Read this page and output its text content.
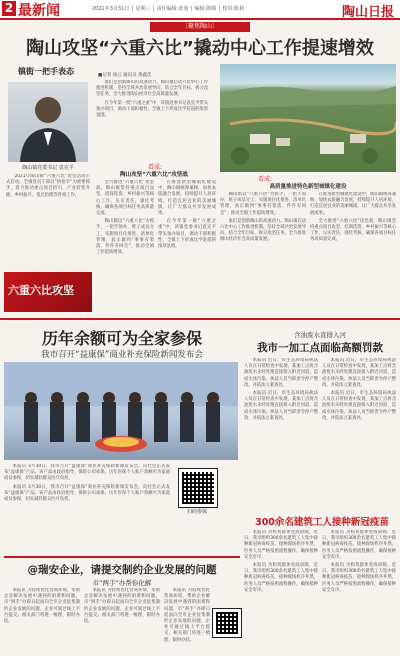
2 最新闻	2021年3月31日 │ 星期三 │ 责任编辑:张旭 │ 编辑:陈腾 │ 校对:陈利	陶山日报
〔聚焦陶山〕
陶山攻坚“六重六比”撬动中心工作提速增效
镇街一把手表态
陶山镇党委书记 袁克平

2021年陶山镇“六重六比”攻坚活动正式启动。全镇党员干部以“拼抢争”为重要抓手，着力推动重点项目招引、产业转型升级、乡村振兴、基层治理等各项工作。

六重六比攻坚
■记者 徐云 通讯员 黄鑫佳

谁们是创新陶山的高速动力。陶山镇启动六比中心工作推进机制，坚持全域共治发展导向，结合全年目标，拆分攻坚任务，全力推进陶山经济社会高质量发展。

在今年第一批“六重之重”中，该镇党委书记袁克平带头领办项目，调动干部积极性，全镇上下形成比学赶超的浓厚氛围。

看成:
陶山攻坚“六重六比”攻坚战

全力推进“六重六比”攻坚战，陶山镇坚持重点项目攻坚、招商选资、乡村振兴等核心工作，压实责任，强化考核，确保各项目标任务高质量完成。

陶山镇以“六重六比”为抓手，一把手领办，班子成员分工，实施项目化推进、清单化管理，真正做到“事事有着落、件件有回音”，推动全镇工作提质增效。

在推进新型城镇化建设中，陶山镇统筹兼顾，加快农旅融合发展，持续提升人居环境，打造宜居宜业的美丽城镇，让广大群众共享发展成果。

在今年第一批“六重之重”中，该镇党委书记袁克平带头领办项目，调动干部积极性，全镇上下形成比学赶超的浓厚氛围。

看成:
高质量推进特色新型城镇化建设

陶山镇以“六重六比”为抓手，一把手领办，班子成员分工，实施项目化推进、清单化管理，真正做到“事事有着落、件件有回音”，推动全镇工作提质增效。

谁们是创新陶山的高速动力。陶山镇启动六比中心工作推进机制，坚持全域共治发展导向，结合全年目标，拆分攻坚任务，全力推进陶山经济社会高质量发展。

在推进新型城镇化建设中，陶山镇统筹兼顾，加快农旅融合发展，持续提升人居环境，打造宜居宜业的美丽城镇，让广大群众共享发展成果。

全力推进“六重六比”攻坚战，陶山镇坚持重点项目攻坚、招商选资、乡村振兴等核心工作，压实责任，强化考核，确保各项目标任务高质量完成。

历年余额可为全家参保
我市召开“益康保”商业补充保险新闻发布会

本报讯 3月30日，我市召开“益康保”商业补充保险新闻发布会，向社会正式发布“益康保”产品。该产品由政府指导、保险公司承保，历年医保个人账户余额可为家庭成员参保，切实减轻群众医疗负担。

本报讯 3月30日，我市召开“益康保”商业补充保险新闻发布会，向社会正式发布“益康保”产品。该产品由政府指导、保险公司承保，历年医保个人账户余额可为家庭成员参保，切实减轻群众医疗负担。

扫码参保
含油废水直排入河
我市一加工点面临高额罚款

本报讯 近日，市生态环境局执法人员在日常检查中发现，某加工点将含油废水未经处理直接排入附近河道，造成水体污染。执法人员当即责令停产整改，并依法立案查处。

本报讯 近日，市生态环境局执法人员在日常检查中发现，某加工点将含油废水未经处理直接排入附近河道，造成水体污染。执法人员当即责令停产整改，并依法立案查处。

本报讯 近日，市生态环境局执法人员在日常检查中发现，某加工点将含油废水未经处理直接排入附近河道，造成水体污染。执法人员当即责令停产整改，并依法立案查处。

本报讯 近日，市生态环境局执法人员在日常检查中发现，某加工点将含油废水未经处理直接排入附近河道，造成水体污染。执法人员当即责令停产整改，并依法立案查处。

300余名建筑工人接种新冠疫苗

本报讯 为构筑群体免疫屏障，近日，我市组织300余名建筑工人集中接种新冠病毒疫苗。接种现场秩序井然，医务人员严格按照流程操作，确保接种安全有序。

本报讯 为构筑群体免疫屏障，近日，我市组织300余名建筑工人集中接种新冠病毒疫苗。接种现场秩序井然，医务人员严格按照流程操作，确保接种安全有序。

本报讯 为构筑群体免疫屏障，近日，我市组织300余名建筑工人集中接种新冠病毒疫苗。接种现场秩序井然，医务人员严格按照流程操作，确保接种安全有序。

本报讯 为构筑群体免疫屏障，近日，我市组织300余名建筑工人集中接种新冠病毒疫苗。接种现场秩序井然，医务人员严格按照流程操作，确保接种安全有序。

@瑞安企业，请提交制约企业发展的问题
市“两手”办帮你化解

本报讯 为持续优化营商环境，帮助企业解决发展中遇到的困难和问题，市“两手”办即日起面向全市企业征集制约企业发展的问题，企业可通过线上平台提交，相关部门将逐一梳理、限时办结。

本报讯 为持续优化营商环境，帮助企业解决发展中遇到的困难和问题，市“两手”办即日起面向全市企业征集制约企业发展的问题，企业可通过线上平台提交，相关部门将逐一梳理、限时办结。

本报讯 为持续优化营商环境，帮助企业解决发展中遇到的困难和问题，市“两手”办即日起面向全市企业征集制约企业发展的问题，企业可通过线上平台提交，相关部门将逐一梳理、限时办结。
